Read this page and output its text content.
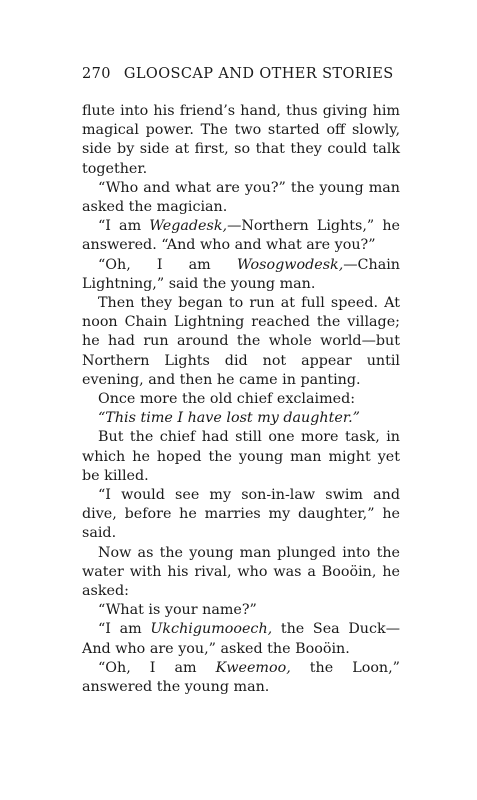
270 GLOOSCAP AND OTHER STORIES

flute into his friend’s hand, thus giving him magical power. The two started off slowly, side by side at first, so that they could talk together.

“Who and what are you?” the young man asked the magician.

“I am Wegadesk,—Northern Lights,” he answered. “And who and what are you?”

“Oh, I am Wosogwodesk,—Chain Lightning,” said the young man.

Then they began to run at full speed. At noon Chain Lightning reached the village; he had run around the whole world—but Northern Lights did not appear until evening, and then he came in panting.

Once more the old chief exclaimed:

“This time I have lost my daughter.”

But the chief had still one more task, in which he hoped the young man might yet be killed.

“I would see my son-in-law swim and dive, before he marries my daughter,” he said.

Now as the young man plunged into the water with his rival, who was a Booöin, he asked:

“What is your name?”

“I am Ukchigumooech, the Sea Duck—And who are you,” asked the Booöin.

“Oh, I am Kweemoo, the Loon,” answered the young man.
